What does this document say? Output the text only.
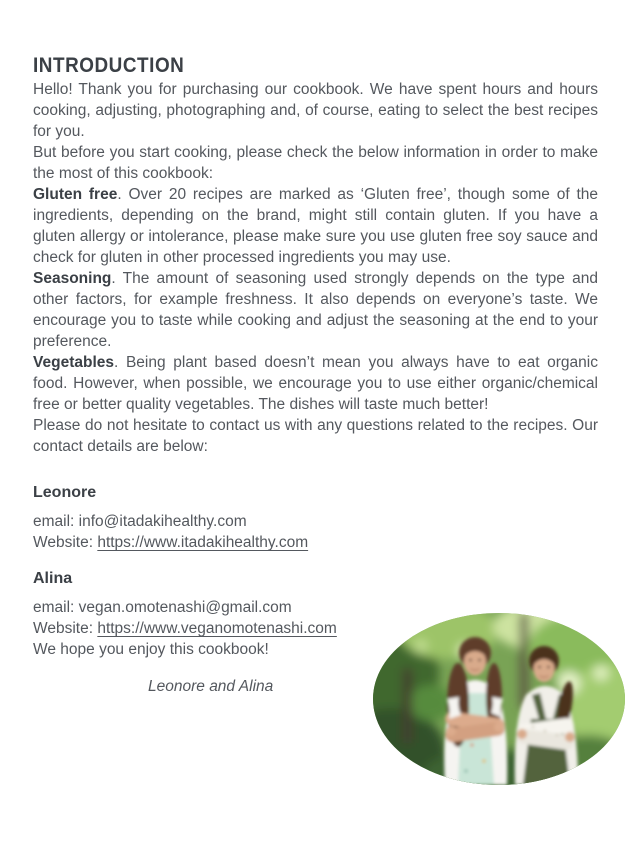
INTRODUCTION

Hello! Thank you for purchasing our cookbook. We have spent hours and hours cooking, adjusting, photographing and, of course, eating to select the best recipes for you.

But before you start cooking, please check the below information in order to make the most of this cookbook:

Gluten free. Over 20 recipes are marked as ‘Gluten free’, though some of the ingredients, depending on the brand, might still contain gluten. If you have a gluten allergy or intolerance, please make sure you use gluten free soy sauce and check for gluten in other processed ingredients you may use.

Seasoning. The amount of seasoning used strongly depends on the type and other factors, for example freshness. It also depends on everyone’s taste. We encourage you to taste while cooking and adjust the seasoning at the end to your preference.

Vegetables. Being plant based doesn’t mean you always have to eat organic food. However, when possible, we encourage you to use either organic/chemical free or better quality vegetables. The dishes will taste much better!

Please do not hesitate to contact us with any questions related to the recipes. Our contact details are below:

Leonore
email: info@itadakihealthy.com
Website: https://www.itadakihealthy.com
Alina
email: vegan.omotenashi@gmail.com
Website: https://www.veganomotenashi.com

We hope you enjoy this cookbook!

Leonore and Alina
